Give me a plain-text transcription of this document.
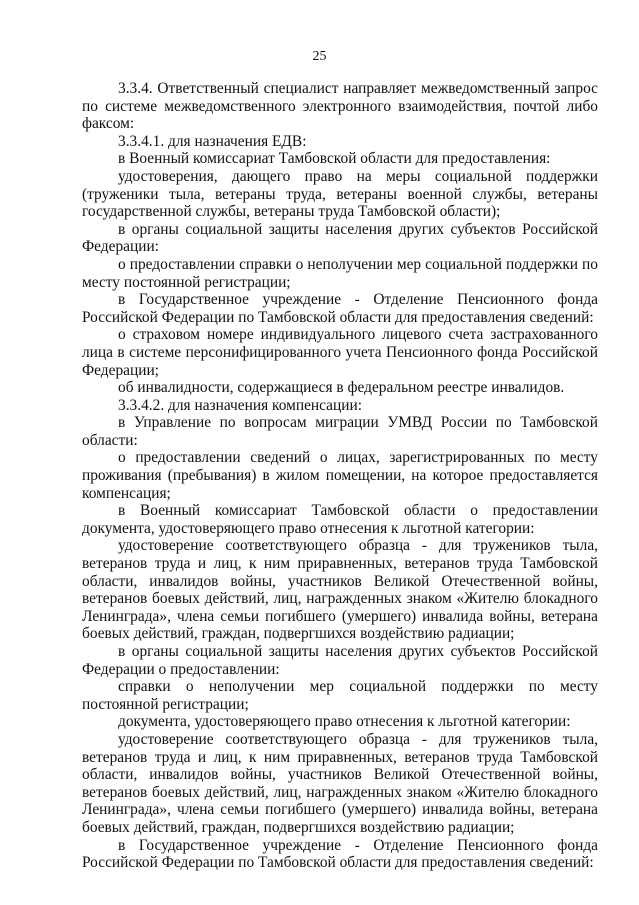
25

3.3.4. Ответственный специалист направляет межведомственный запрос по системе межведомственного электронного взаимодействия, почтой либо факсом:

3.3.4.1. для назначения ЕДВ:

в Военный комиссариат Тамбовской области для предоставления:

удостоверения, дающего право на меры социальной поддержки (труженики тыла, ветераны труда, ветераны военной службы, ветераны государственной службы, ветераны труда Тамбовской области);

в органы социальной защиты населения других субъектов Российской Федерации:

о предоставлении справки о неполучении мер социальной поддержки по месту постоянной регистрации;

в Государственное учреждение - Отделение Пенсионного фонда Российской Федерации по Тамбовской области для предоставления сведений:

о страховом номере индивидуального лицевого счета застрахованного лица в системе персонифицированного учета Пенсионного фонда Российской Федерации;

об инвалидности, содержащиеся в федеральном реестре инвалидов.

3.3.4.2. для назначения компенсации:

в Управление по вопросам миграции УМВД России по Тамбовской области:

о предоставлении сведений о лицах, зарегистрированных по месту проживания (пребывания) в жилом помещении, на которое предоставляется компенсация;

в Военный комиссариат Тамбовской области о предоставлении документа, удостоверяющего право отнесения к льготной категории:

удостоверение соответствующего образца - для тружеников тыла, ветеранов труда и лиц, к ним приравненных, ветеранов труда Тамбовской области, инвалидов войны, участников Великой Отечественной войны, ветеранов боевых действий, лиц, награжденных знаком «Жителю блокадного Ленинграда», члена семьи погибшего (умершего) инвалида войны, ветерана боевых действий, граждан, подвергшихся воздействию радиации;

в органы социальной защиты населения других субъектов Российской Федерации о предоставлении:

справки о неполучении мер социальной поддержки по месту постоянной регистрации;

документа, удостоверяющего право отнесения к льготной категории:

удостоверение соответствующего образца - для тружеников тыла, ветеранов труда и лиц, к ним приравненных, ветеранов труда Тамбовской области, инвалидов войны, участников Великой Отечественной войны, ветеранов боевых действий, лиц, награжденных знаком «Жителю блокадного Ленинграда», члена семьи погибшего (умершего) инвалида войны, ветерана боевых действий, граждан, подвергшихся воздействию радиации;

в Государственное учреждение - Отделение Пенсионного фонда Российской Федерации по Тамбовской области для предоставления сведений:
